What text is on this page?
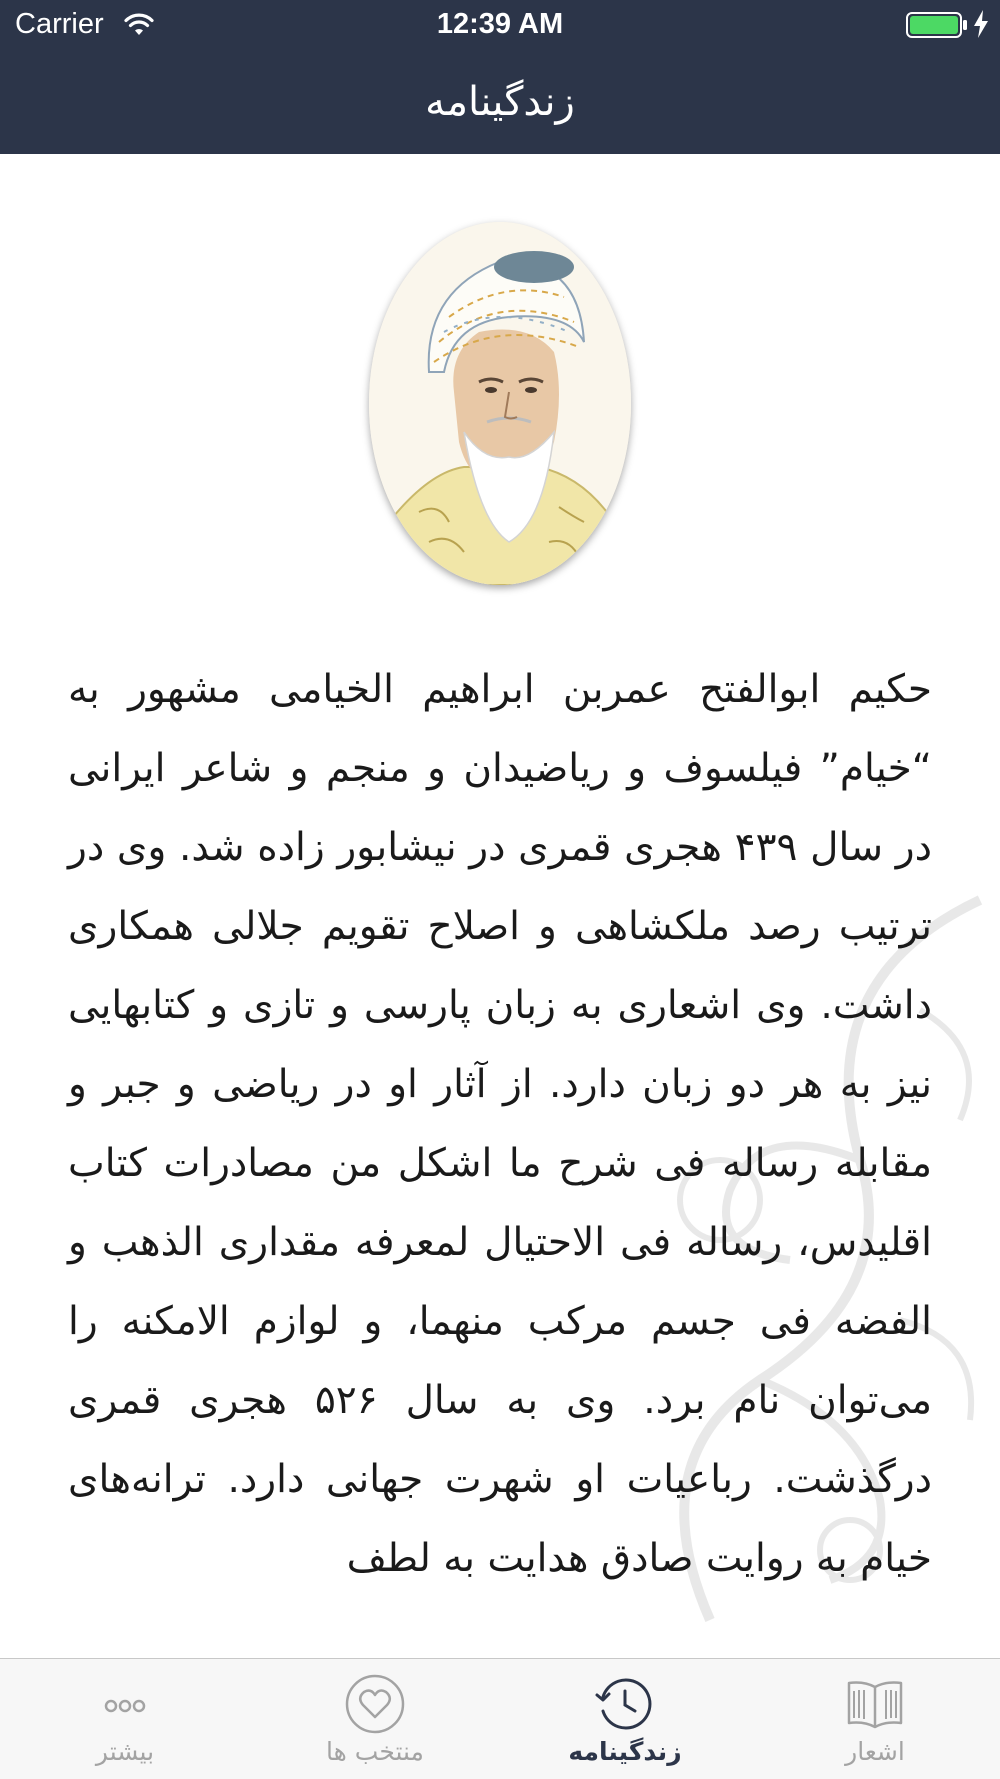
Carrier	12:39 AM
زندگینامه
حکیم ابوالفتح عمربن ابراهیم الخیامی مشهور به “خیام” فیلسوف و ریاضیدان و منجم و شاعر ایرانی در سال ۴۳۹ هجری قمری در نیشابور زاده شد. وی در ترتیب رصد ملکشاهی و اصلاح تقویم جلالی همکاری داشت. وی اشعاری به زبان پارسی و تازی و کتابهایی نیز به هر دو زبان دارد. از آثار او در ریاضی و جبر و مقابله رساله فی شرح ما اشکل من مصادرات کتاب اقلیدس، رساله فی الاحتیال لمعرفه مقداری الذهب و الفضه فی جسم مرکب منهما، و لوازم الامکنه را می‌توان نام برد. وی به سال ۵۲۶ هجری قمری درگذشت. رباعیات او شهرت جهانی دارد. ترانه‌های خیام به روایت صادق هدایت به لطف
بیشتر	منتخب ها	زندگینامه	اشعار
